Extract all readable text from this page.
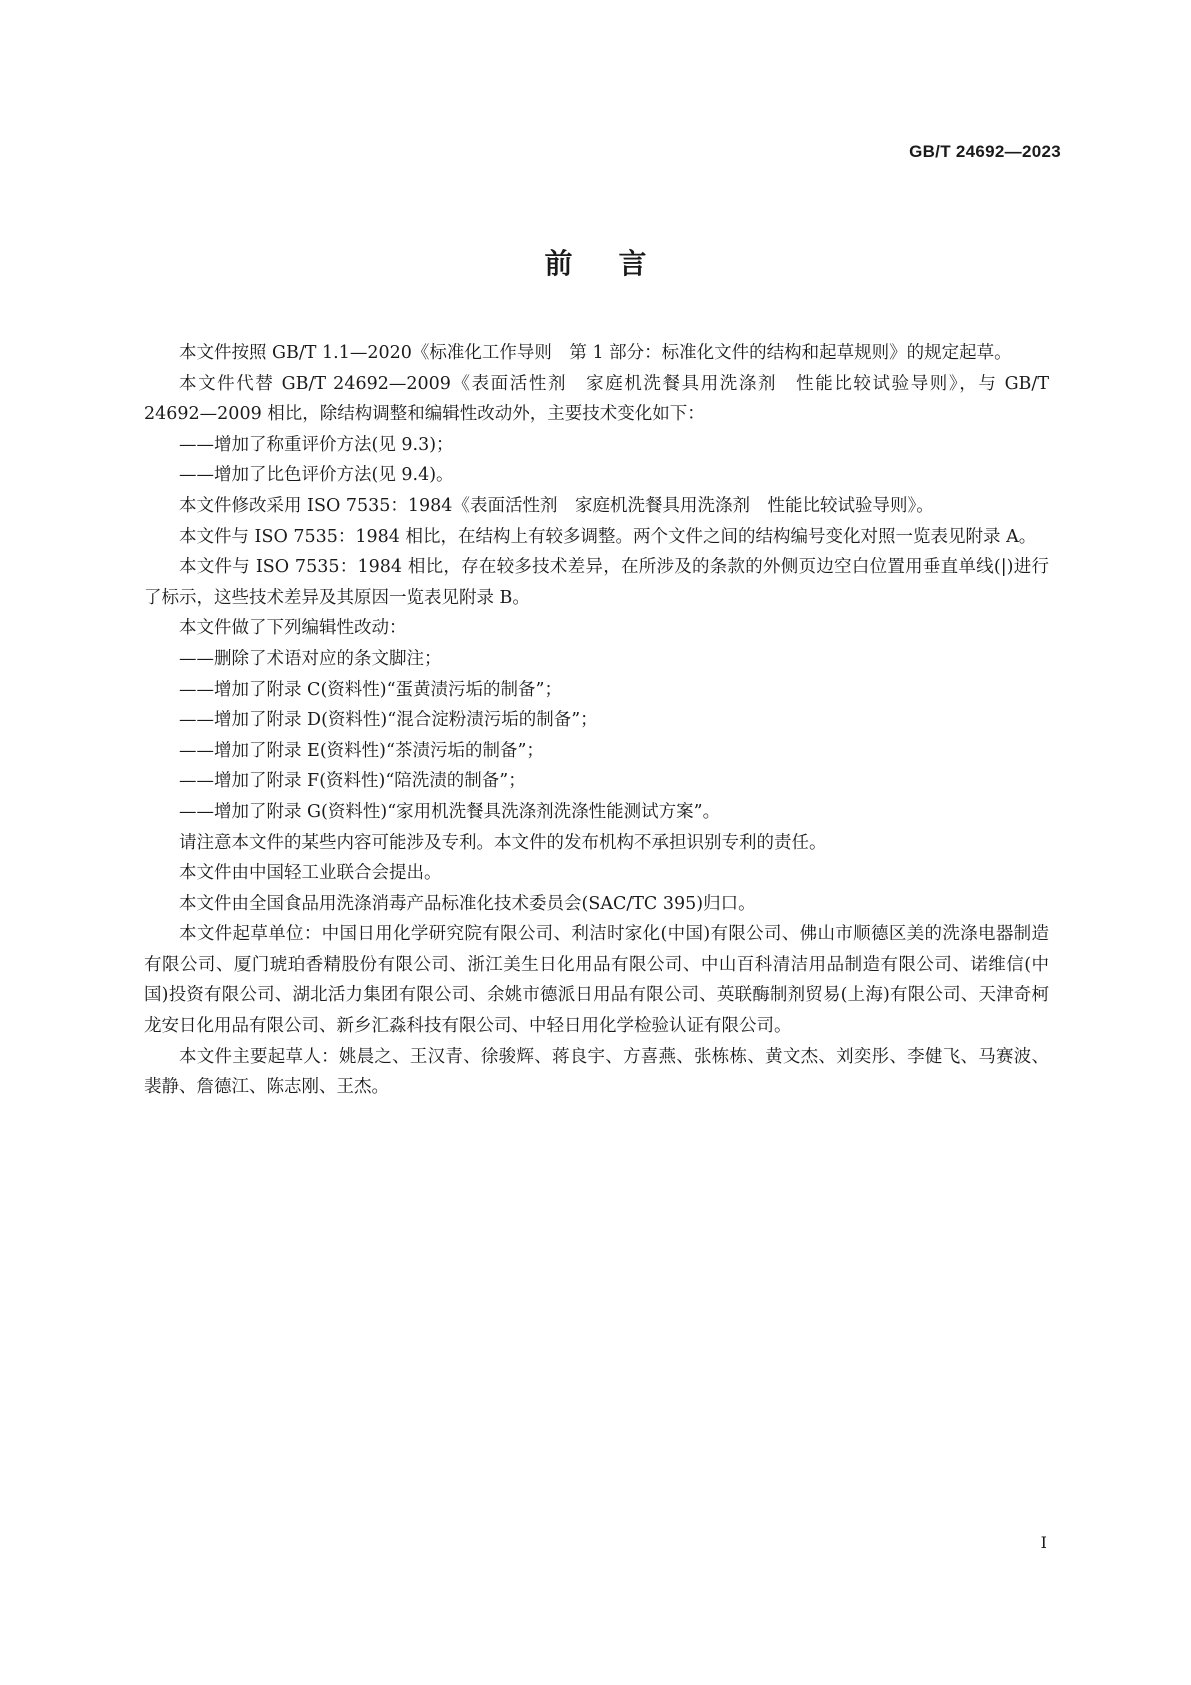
GB/T 24692—2023
前言

本文件按照 GB/T 1.1—2020《标准化工作导则　第 1 部分：标准化文件的结构和起草规则》的规定起草。

本文件代替 GB/T 24692—2009《表面活性剂　家庭机洗餐具用洗涤剂　性能比较试验导则》，与 GB/T 24692—2009 相比，除结构调整和编辑性改动外，主要技术变化如下：

——增加了称重评价方法(见 9.3)；

——增加了比色评价方法(见 9.4)。

本文件修改采用 ISO 7535：1984《表面活性剂　家庭机洗餐具用洗涤剂　性能比较试验导则》。

本文件与 ISO 7535：1984 相比，在结构上有较多调整。两个文件之间的结构编号变化对照一览表见附录 A。

本文件与 ISO 7535：1984 相比，存在较多技术差异，在所涉及的条款的外侧页边空白位置用垂直单线(|)进行了标示，这些技术差异及其原因一览表见附录 B。

本文件做了下列编辑性改动：

——删除了术语对应的条文脚注；

——增加了附录 C(资料性)“蛋黄渍污垢的制备”；

——增加了附录 D(资料性)“混合淀粉渍污垢的制备”；

——增加了附录 E(资料性)“茶渍污垢的制备”；

——增加了附录 F(资料性)“陪洗渍的制备”；

——增加了附录 G(资料性)“家用机洗餐具洗涤剂洗涤性能测试方案”。

请注意本文件的某些内容可能涉及专利。本文件的发布机构不承担识别专利的责任。

本文件由中国轻工业联合会提出。

本文件由全国食品用洗涤消毒产品标准化技术委员会(SAC/TC 395)归口。

本文件起草单位：中国日用化学研究院有限公司、利洁时家化(中国)有限公司、佛山市顺德区美的洗涤电器制造有限公司、厦门琥珀香精股份有限公司、浙江美生日化用品有限公司、中山百科清洁用品制造有限公司、诺维信(中国)投资有限公司、湖北活力集团有限公司、余姚市德派日用品有限公司、英联酶制剂贸易(上海)有限公司、天津奇柯龙安日化用品有限公司、新乡汇淼科技有限公司、中轻日用化学检验认证有限公司。

本文件主要起草人：姚晨之、王汉青、徐骏辉、蒋良宇、方喜燕、张栋栋、黄文杰、刘奕彤、李健飞、马赛波、裴静、詹德江、陈志刚、王杰。

I
